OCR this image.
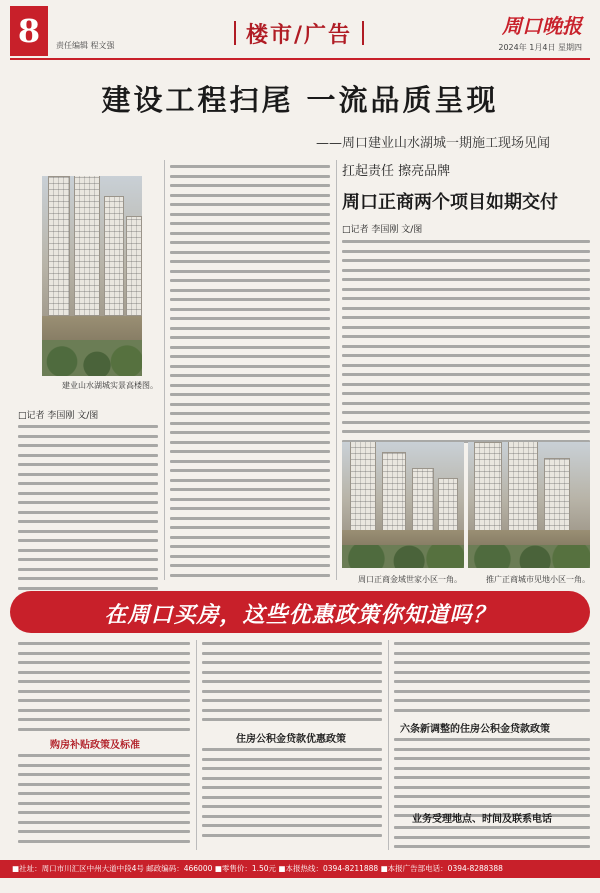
8	责任编辑 程文强	楼市/广告	周口晚报
2024年 1月4日 星期四
建设工程扫尾 一流品质呈现
——周口建业山水湖城一期施工现场见闻
建业山水湖城实景高楼图。
□记者 李国刚 文/图
扛起责任 擦亮品牌
周口正商两个项目如期交付
□记者 李国刚 文/图
周口正商金域世家小区一角。	推广正商城市见地小区一角。
在周口买房，这些优惠政策你知道吗？
购房补贴政策及标准
住房公积金贷款优惠政策
六条新调整的住房公积金贷款政策
业务受理地点、时间及联系电话
■社址：周口市川汇区中州大道中段4号 邮政编码：466000 ■零售价：1.50元 ■本报热线：0394-8211888 ■本报广告部电话：0394-8288388
